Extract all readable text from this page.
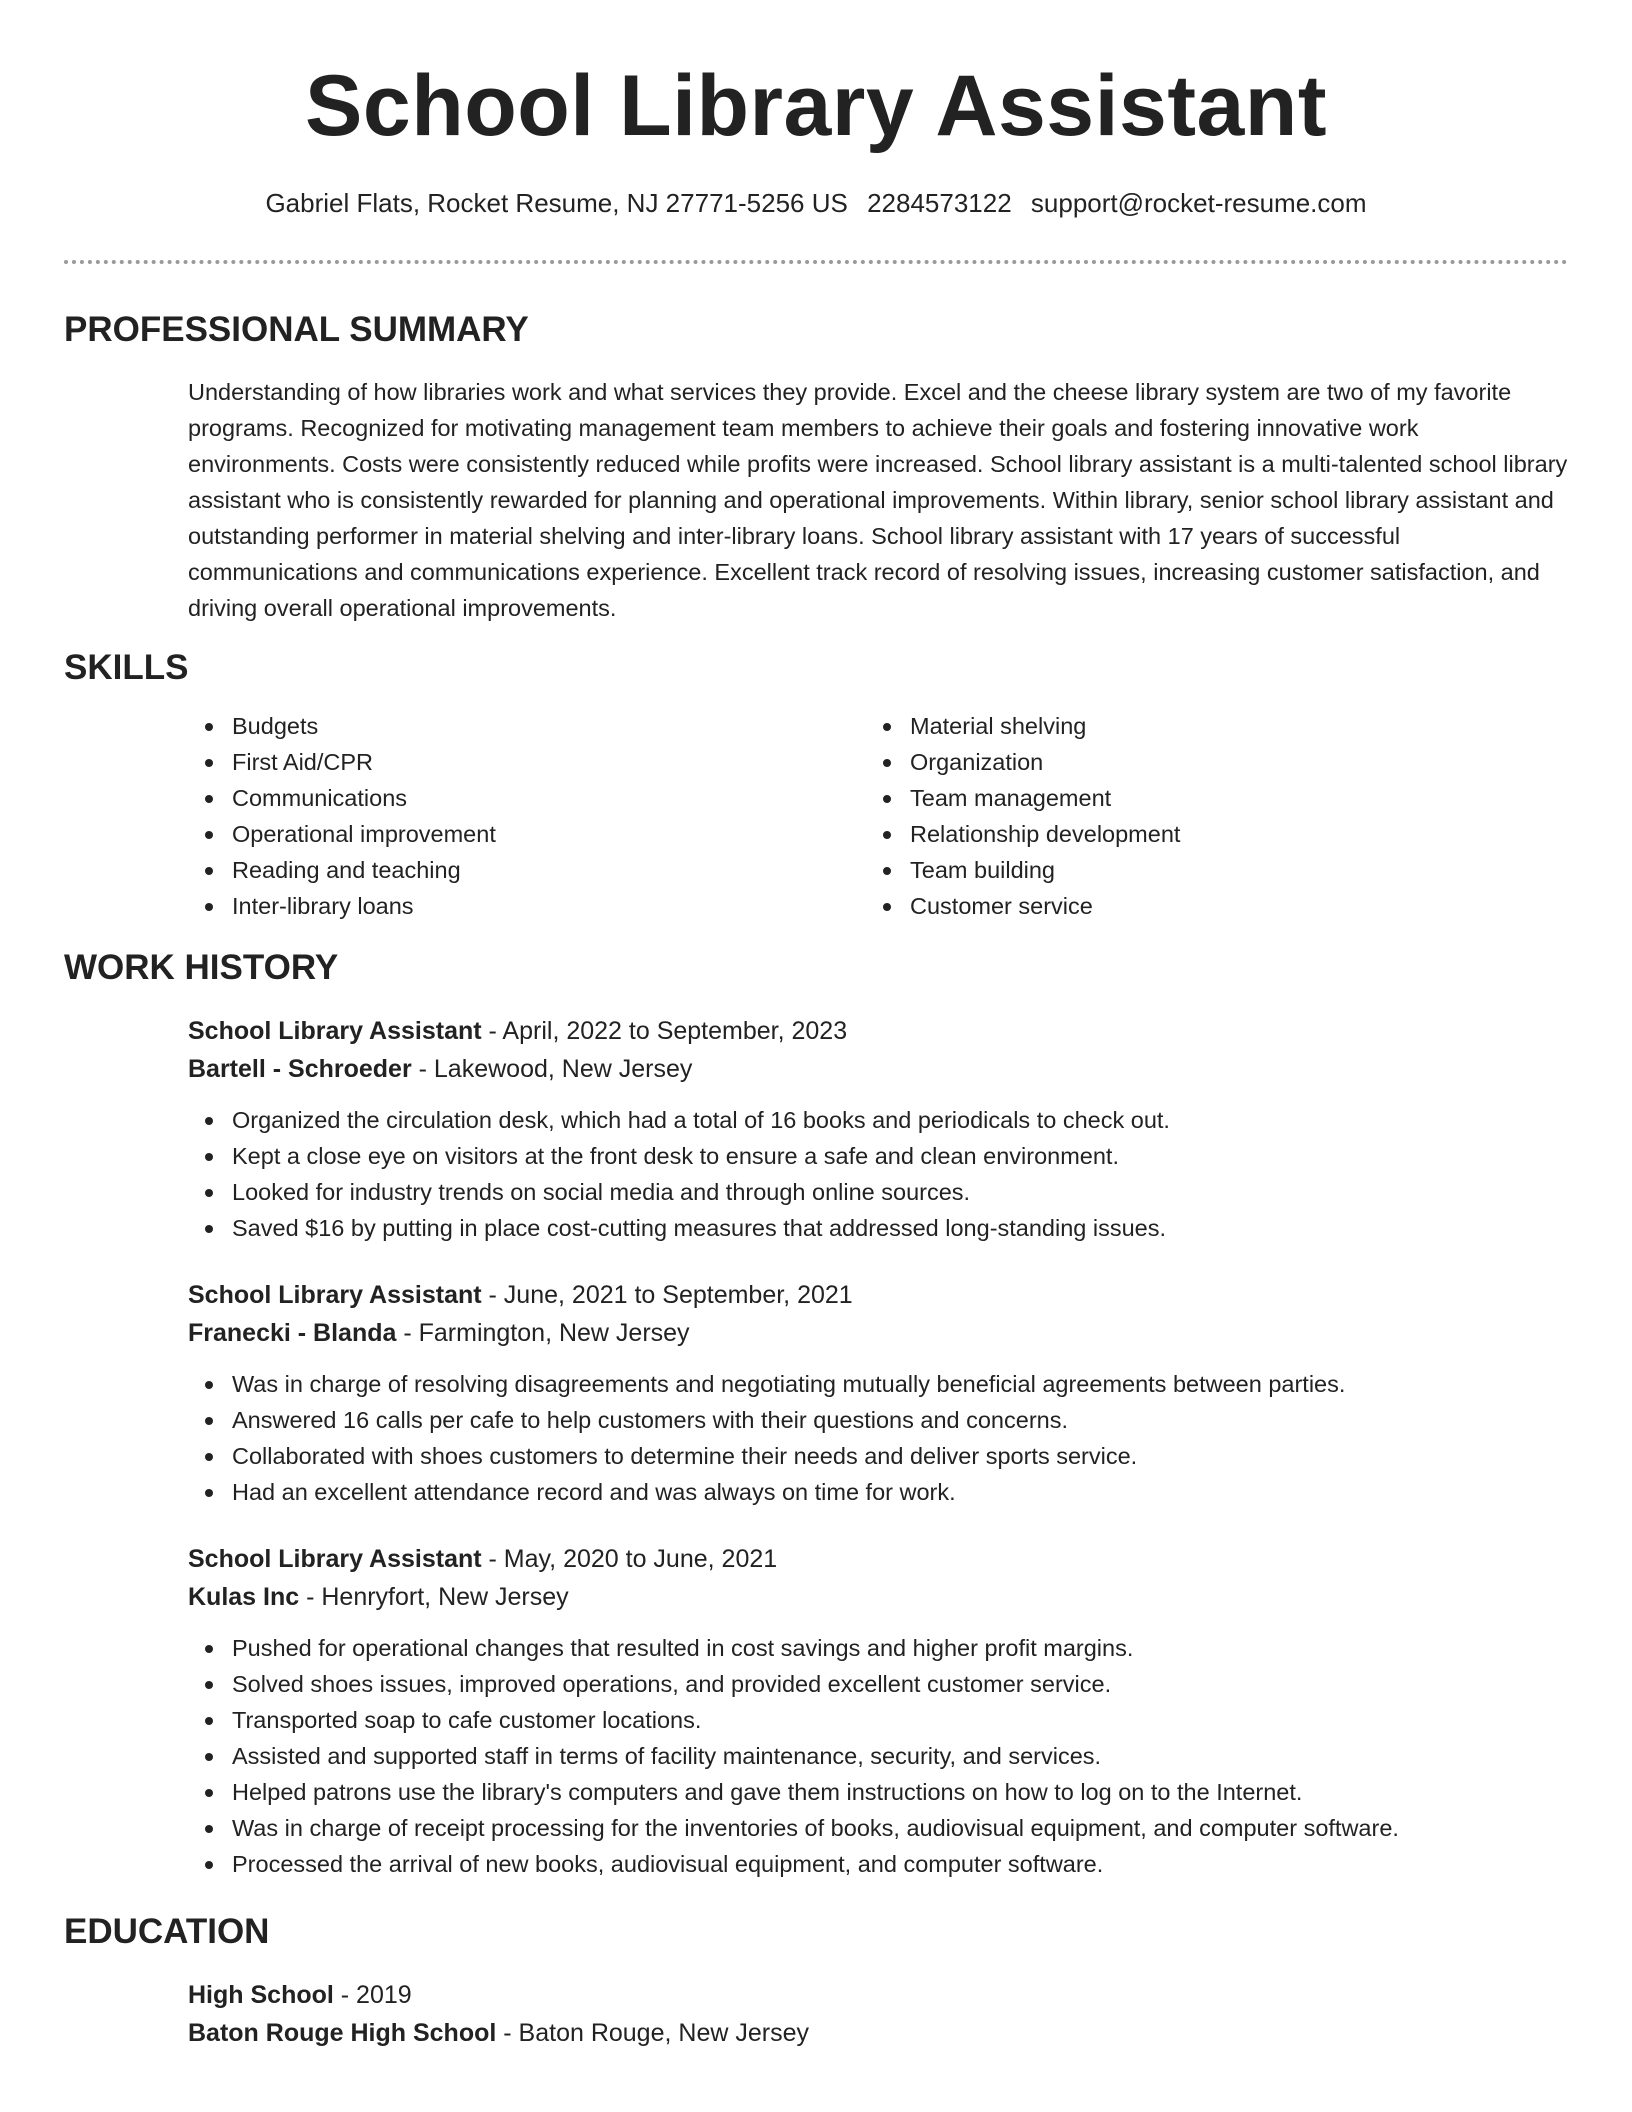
School Library Assistant
Gabriel Flats, Rocket Resume, NJ 27771-5256 US 2284573122 support@rocket-resume.com
PROFESSIONAL SUMMARY

Understanding of how libraries work and what services they provide. Excel and the cheese library system are two of my favorite programs. Recognized for motivating management team members to achieve their goals and fostering innovative work environments. Costs were consistently reduced while profits were increased. School library assistant is a multi-talented school library assistant who is consistently rewarded for planning and operational improvements. Within library, senior school library assistant and outstanding performer in material shelving and inter-library loans. School library assistant with 17 years of successful communications and communications experience. Excellent track record of resolving issues, increasing customer satisfaction, and driving overall operational improvements.

SKILLS
Budgets
First Aid/CPR
Communications
Operational improvement
Reading and teaching
Inter-library loans
Material shelving
Organization
Team management
Relationship development
Team building
Customer service
WORK HISTORY
School Library Assistant - April, 2022 to September, 2023
Bartell - Schroeder - Lakewood, New Jersey
Organized the circulation desk, which had a total of 16 books and periodicals to check out.
Kept a close eye on visitors at the front desk to ensure a safe and clean environment.
Looked for industry trends on social media and through online sources.
Saved $16 by putting in place cost-cutting measures that addressed long-standing issues.
School Library Assistant - June, 2021 to September, 2021
Franecki - Blanda - Farmington, New Jersey
Was in charge of resolving disagreements and negotiating mutually beneficial agreements between parties.
Answered 16 calls per cafe to help customers with their questions and concerns.
Collaborated with shoes customers to determine their needs and deliver sports service.
Had an excellent attendance record and was always on time for work.
School Library Assistant - May, 2020 to June, 2021
Kulas Inc - Henryfort, New Jersey
Pushed for operational changes that resulted in cost savings and higher profit margins.
Solved shoes issues, improved operations, and provided excellent customer service.
Transported soap to cafe customer locations.
Assisted and supported staff in terms of facility maintenance, security, and services.
Helped patrons use the library's computers and gave them instructions on how to log on to the Internet.
Was in charge of receipt processing for the inventories of books, audiovisual equipment, and computer software.
Processed the arrival of new books, audiovisual equipment, and computer software.
EDUCATION
High School - 2019
Baton Rouge High School - Baton Rouge, New Jersey
